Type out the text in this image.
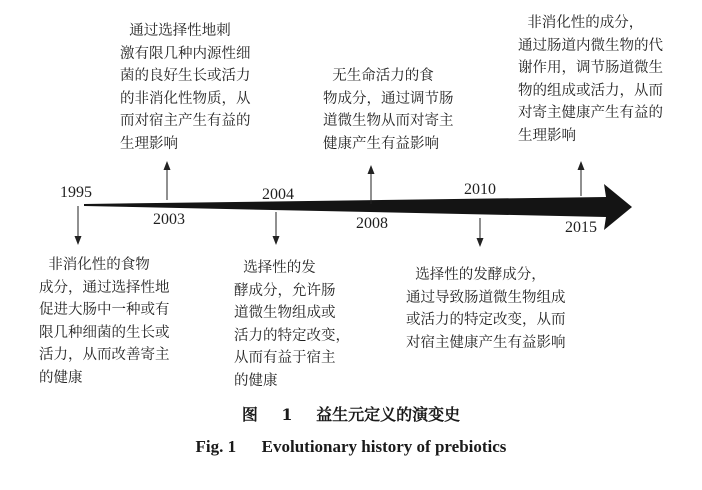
1995
2003
2004
2008
2010
2015

通过选择性地刺
激有限几种内源性细
菌的良好生长或活力
的非消化性物质，从
而对宿主产生有益的
生理影响

无生命活力的食
物成分，通过调节肠
道微生物从而对寄主
健康产生有益影响

非消化性的成分，
通过肠道内微生物的代
谢作用，调节肠道微生
物的组成或活力，从而
对寄主健康产生有益的
生理影响

非消化性的食物
成分，通过选择性地
促进大肠中一种或有
限几种细菌的生长或
活力，从而改善寄主
的健康

选择性的发
酵成分，允许肠
道微生物组成或
活力的特定改变，
从而有益于宿主
的健康

选择性的发酵成分，
通过导致肠道微生物组成
或活力的特定改变，从而
对宿主健康产生有益影响

图 1 益生元定义的演变史
Fig. 1      Evolutionary history of prebiotics
